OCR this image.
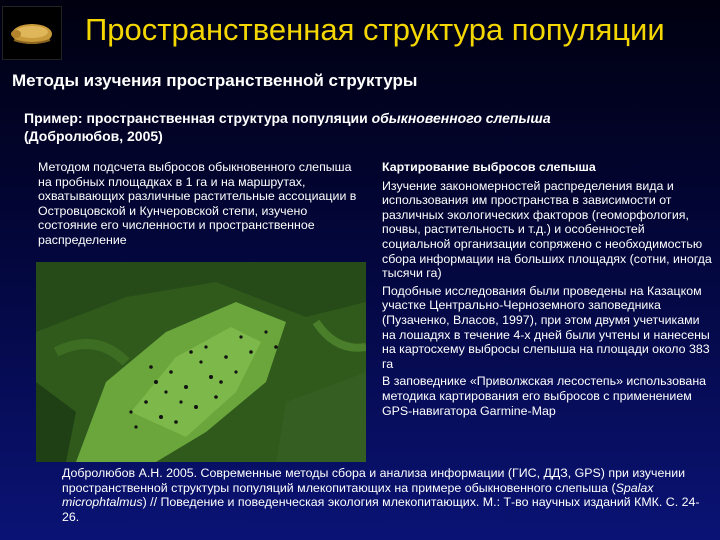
Пространственная структура популяции
Методы изучения пространственной структуры
Пример: пространственная структура популяции обыкновенного слепыша (Добролюбов, 2005)
Методом подсчета выбросов обыкновенного слепыша на пробных площадках в 1 га и на маршрутах, охватывающих различные растительные ассоциации в Островцовской и Кунчеровской степи, изучено состояние его численности и пространственное распределение
Картирование выбросов слепыша

Изучение закономерностей распределения вида и использования им пространства в зависимости от различных экологических факторов (геоморфология, почвы, растительность и т.д.) и особенностей социальной организации сопряжено с необходимостью сбора информации на больших площадях (сотни, иногда тысячи га)

Подобные исследования были проведены на Казацком участке Центрально-Черноземного заповедника (Пузаченко, Власов, 1997), при этом двумя учетчиками на лошадях в течение 4-х дней были учтены и нанесены на картосхему выбросы слепыша на площади около 383 га

В заповеднике «Приволжская лесостепь» использована методика картирования его выбросов с применением GPS-навигатора Garmine-Map

Добролюбов А.Н. 2005. Современные методы сбора и анализа информации (ГИС, ДДЗ, GPS) при изучении пространственной структуры популяций млекопитающих на примере обыкновенного слепыша (Spalax microphtalmus) // Поведение и поведенческая экология млекопитающих. М.: Т-во научных изданий КМК. С. 24-26.
